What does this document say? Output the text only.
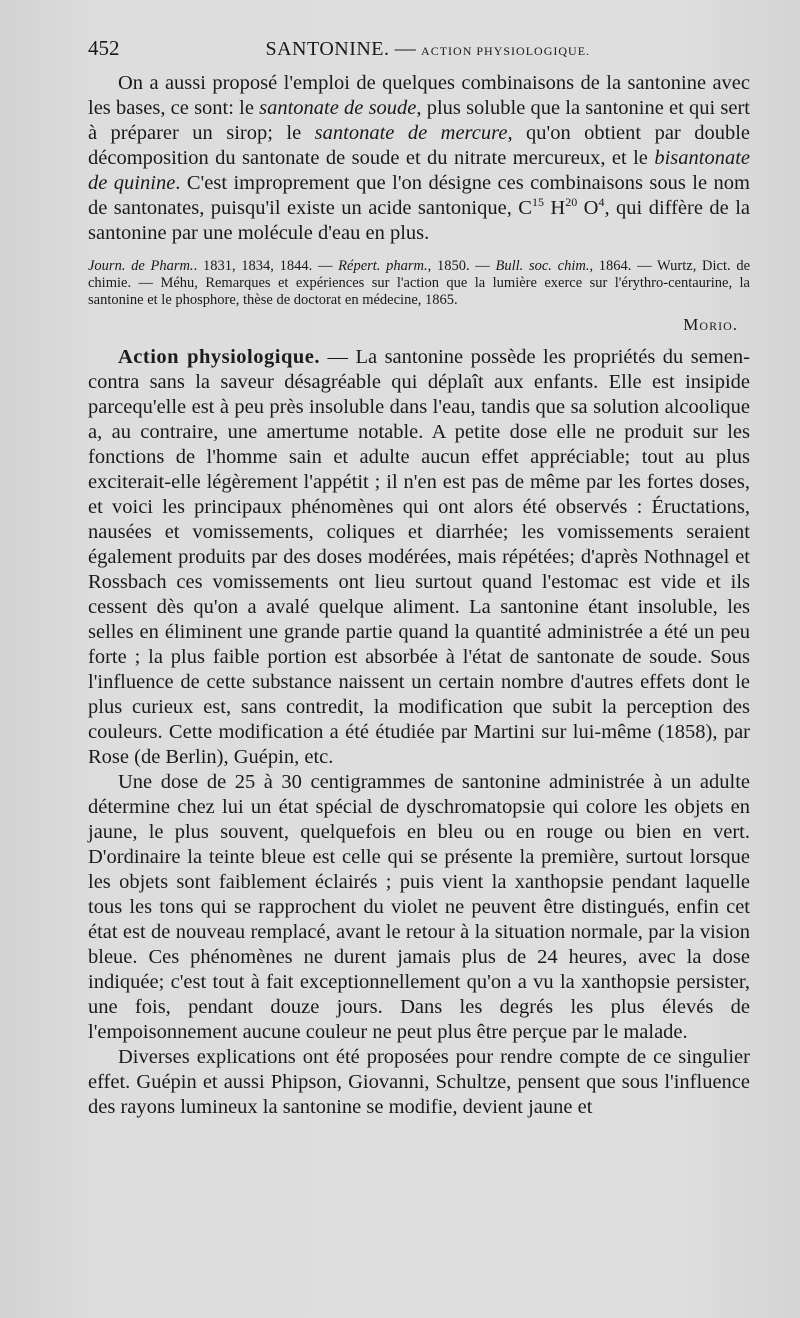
452	SANTONINE. — ACTION PHYSIOLOGIQUE.

On a aussi proposé l'emploi de quelques combinaisons de la santonine avec les bases, ce sont: le santonate de soude, plus soluble que la santonine et qui sert à préparer un sirop; le santonate de mercure, qu'on obtient par double décomposition du santonate de soude et du nitrate mercureux, et le bisantonate de quinine. C'est improprement que l'on désigne ces combinaisons sous le nom de santonates, puisqu'il existe un acide santonique, $C^{15}$ $H^{20}$ $O^4$, qui diffère de la santonine par une molécule d'eau en plus.

Journ. de Pharm.. 1831, 1834, 1844. — Répert. pharm., 1850. — Bull. soc. chim., 1864. — Wurtz, Dict. de chimie. — Méhu, Remarques et expériences sur l'action que la lumière exerce sur l'érythro-centaurine, la santonine et le phosphore, thèse de doctorat en médecine, 1865.
Morio.

Action physiologique. — La santonine possède les propriétés du semen-contra sans la saveur désagréable qui déplaît aux enfants. Elle est insipide parcequ'elle est à peu près insoluble dans l'eau, tandis que sa solution alcoolique a, au contraire, une amertume notable. A petite dose elle ne produit sur les fonctions de l'homme sain et adulte aucun effet appréciable; tout au plus exciterait-elle légèrement l'appétit ; il n'en est pas de même par les fortes doses, et voici les principaux phénomènes qui ont alors été observés : Éructations, nausées et vomissements, coliques et diarrhée; les vomissements seraient également produits par des doses modérées, mais répétées; d'après Nothnagel et Rossbach ces vomissements ont lieu surtout quand l'estomac est vide et ils cessent dès qu'on a avalé quelque aliment. La santonine étant insoluble, les selles en éliminent une grande partie quand la quantité administrée a été un peu forte ; la plus faible portion est absorbée à l'état de santonate de soude. Sous l'influence de cette substance naissent un certain nombre d'autres effets dont le plus curieux est, sans contredit, la modification que subit la perception des couleurs. Cette modification a été étudiée par Martini sur lui-même (1858), par Rose (de Berlin), Guépin, etc.

Une dose de 25 à 30 centigrammes de santonine administrée à un adulte détermine chez lui un état spécial de dyschromatopsie qui colore les objets en jaune, le plus souvent, quelquefois en bleu ou en rouge ou bien en vert. D'ordinaire la teinte bleue est celle qui se présente la première, surtout lorsque les objets sont faiblement éclairés ; puis vient la xanthopsie pendant laquelle tous les tons qui se rapprochent du violet ne peuvent être distingués, enfin cet état est de nouveau remplacé, avant le retour à la situation normale, par la vision bleue. Ces phénomènes ne durent jamais plus de 24 heures, avec la dose indiquée; c'est tout à fait exceptionnellement qu'on a vu la xanthopsie persister, une fois, pendant douze jours. Dans les degrés les plus élevés de l'empoisonnement aucune couleur ne peut plus être perçue par le malade.

Diverses explications ont été proposées pour rendre compte de ce singulier effet. Guépin et aussi Phipson, Giovanni, Schultze, pensent que sous l'influence des rayons lumineux la santonine se modifie, devient jaune et
